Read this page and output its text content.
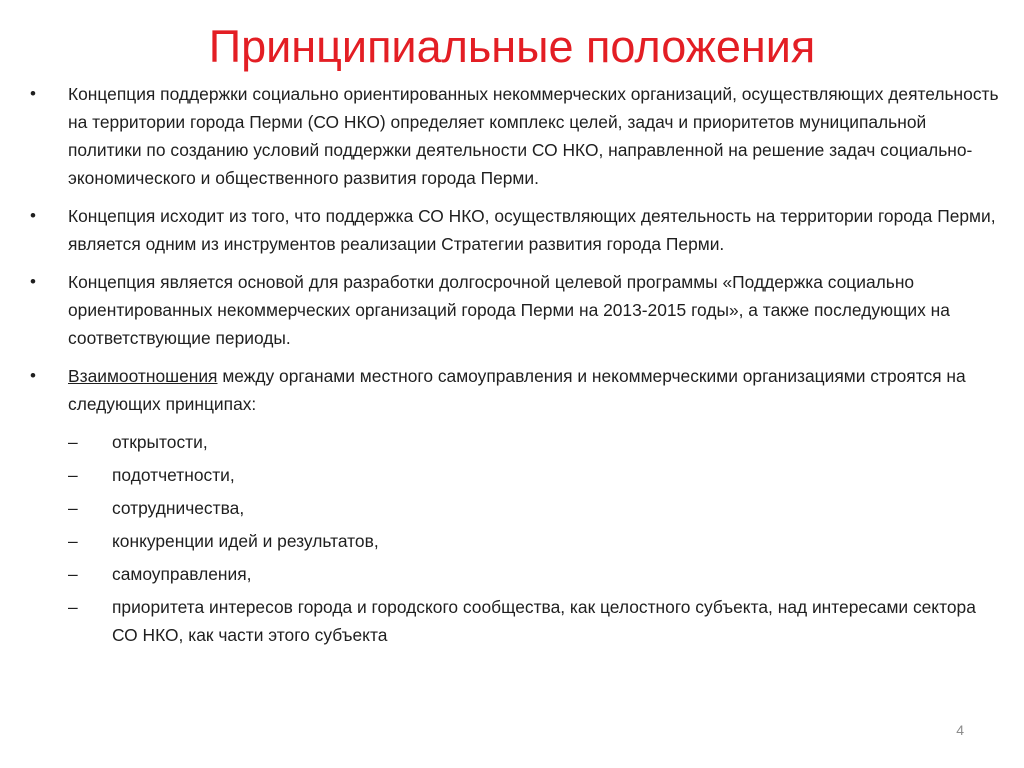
Принципиальные положения
• Концепция поддержки социально ориентированных некоммерческих организаций, осуществляющих деятельность на территории города Перми (СО НКО) определяет комплекс целей, задач и приоритетов муниципальной политики по созданию условий поддержки деятельности СО НКО, направленной на решение задач социально-экономического и общественного развития города Перми.
• Концепция исходит из того, что поддержка СО НКО, осуществляющих деятельность на территории города Перми, является одним из инструментов реализации Стратегии развития города Перми.
• Концепция является основой для разработки долгосрочной целевой программы «Поддержка социально ориентированных некоммерческих организаций города Перми на 2013-2015 годы», а также последующих на соответствующие периоды.
• Взаимоотношения между органами местного самоуправления и некоммерческими организациями строятся на следующих принципах:
– открытости,
– подотчетности,
– сотрудничества,
– конкуренции идей и результатов,
– самоуправления,
– приоритета интересов города и городского сообщества, как целостного субъекта, над интересами сектора СО НКО, как части этого субъекта
4
